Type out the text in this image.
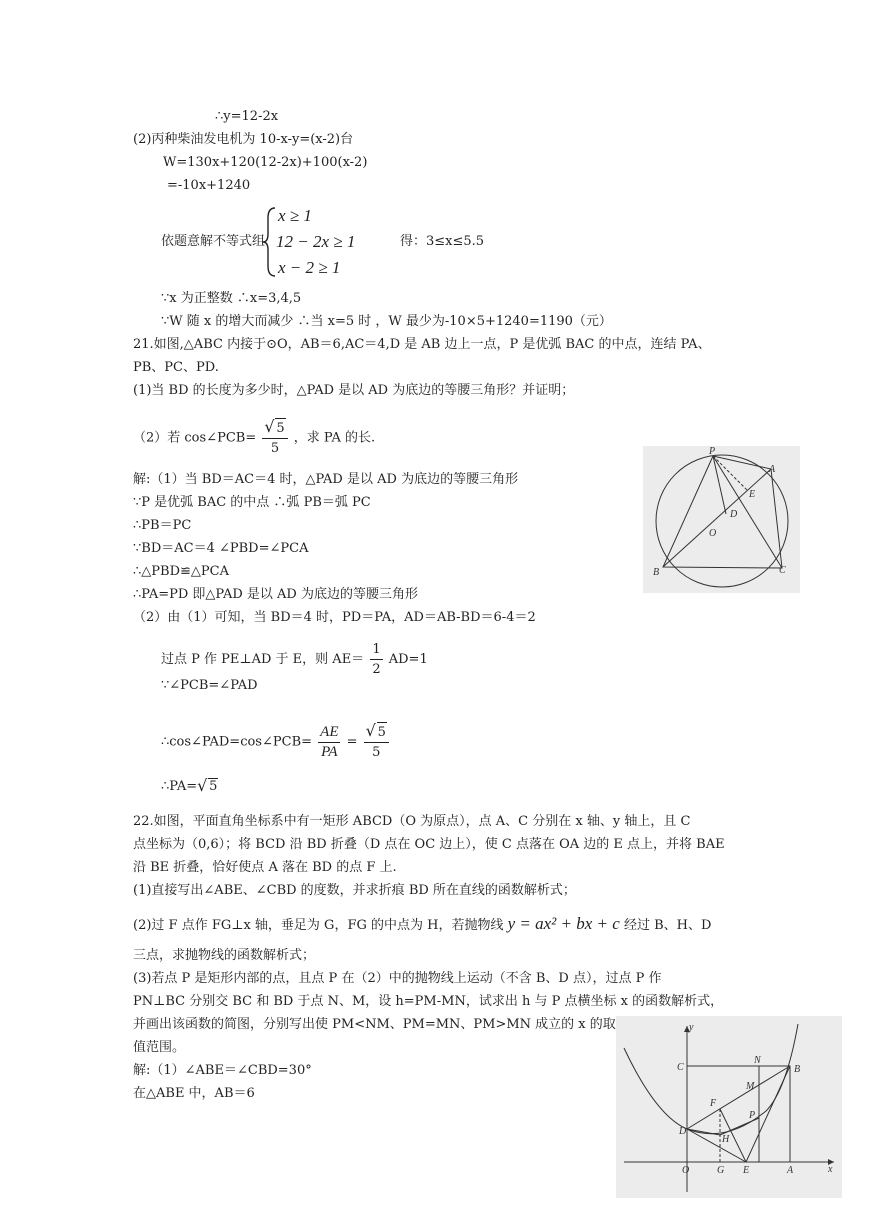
∴y=12-2x
(2)丙种柴油发电机为 10-x-y=(x-2)台
W=130x+120(12-2x)+100(x-2)
=-10x+1240
依题意解不等式组
x ≥ 1
12 − 2x ≥ 1
x − 2 ≥ 1
得：3≤x≤5.5
∵x 为正整数 ∴x=3,4,5
∵W 随 x 的增大而减少 ∴当 x=5 时 ，W 最少为-10×5+1240=1190（元）
21.如图,△ABC 内接于⊙O，AB＝6,AC＝4,D 是 AB 边上一点，P 是优弧 BAC 的中点，连结 PA、
PB、PC、PD.
(1)当 BD 的长度为多少时，△PAD 是以 AD 为底边的等腰三角形？并证明；
（2）若 cos∠PCB= √ $\frac{5}{5}$ ，求 PA 的长.
解:（1）当 BD＝AC＝4 时，△PAD 是以 AD 为底边的等腰三角形
∵P 是优弧 BAC 的中点 ∴弧 PB＝弧 PC
∴PB＝PC
∵BD＝AC＝4 ∠PBD=∠PCA
∴△PBD≌△PCA
∴PA=PD 即△PAD 是以 AD 为底边的等腰三角形
（2）由（1）可知，当 BD＝4 时，PD＝PA，AD＝AB-BD＝6-4＝2
过点 P 作 PE⊥AD 于 E，则 $AE= \frac{1}{2} AD=1$
∵∠PCB=∠PAD
∴cos∠PAD=cos∠PCB= $\frac{AE}{PA}$ = √ $\frac{5}{5}$
∴PA= √ 5
22.如图，平面直角坐标系中有一矩形 ABCD（O 为原点），点 A、C 分别在 x 轴、y 轴上，且 C
点坐标为（0,6）；将 BCD 沿 BD 折叠（D 点在 OC 边上），使 C 点落在 OA 边的 E 点上，并将 BAE
沿 BE 折叠，恰好使点 A 落在 BD 的点 F 上.
(1)直接写出∠ABE、∠CBD 的度数，并求折痕 BD 所在直线的函数解析式；
(2)过 F 点作 FG⊥x 轴，垂足为 G，FG 的中点为 H，若抛物线 y = ax² + bx + c 经过 B、H、D
三点，求抛物线的函数解析式；
(3)若点 P 是矩形内部的点，且点 P 在（2）中的抛物线上运动（不含 B、D 点），过点 P 作
PN⊥BC 分别交 BC 和 BD 于点 N、M，设 h=PM-MN，试求出 h 与 P 点横坐标 x 的函数解析式，
并画出该函数的简图，分别写出使 PM<NM、PM=MN、PM>MN 成立的 x 的取
值范围。
解:（1）∠ABE＝∠CBD=30°
在△ABE 中，AB＝6
P
A
E
D
O
B	C
y
C
N
B
M
F
P
D
H
O	G E	A	x
